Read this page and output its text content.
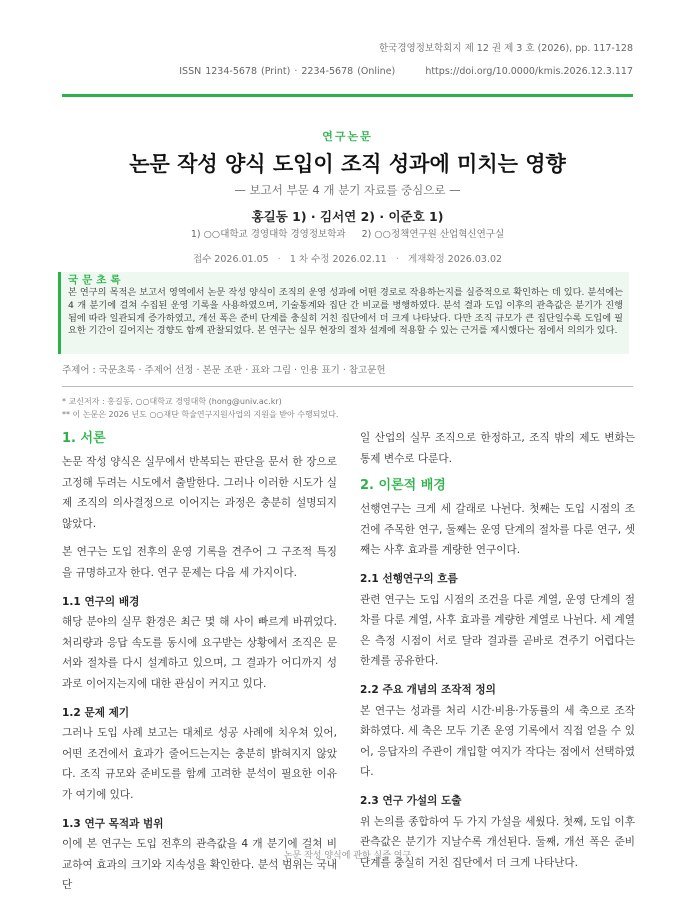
한국경영정보학회지 제 12 권 제 3 호 (2026), pp. 117-128
ISSN 1234-5678 (Print) · 2234-5678 (Online)	https://doi.org/10.0000/kmis.2026.12.3.117
연구논문
논문 작성 양식 도입이 조직 성과에 미치는 영향
— 보고서 부문 4 개 분기 자료를 중심으로 —
홍길동 1) · 김서연 2) · 이준호 1)
1) ○○대학교 경영대학 경영정보학과 2) ○○정책연구원 산업혁신연구실
접수 2026.01.05 · 1 차 수정 2026.02.11 · 게재확정 2026.03.02
국문초록
본 연구의 목적은 보고서 영역에서 논문 작성 양식이 조직의 운영 성과에 어떤 경로로 작용하는지를 실증적으로 확인하는 데 있다. 분석에는 4 개 분기에 걸쳐 수집된 운영 기록을 사용하였으며, 기술통계와 집단 간 비교를 병행하였다. 분석 결과 도입 이후의 관측값은 분기가 진행됨에 따라 일관되게 증가하였고, 개선 폭은 준비 단계를 충실히 거친 집단에서 더 크게 나타났다. 다만 조직 규모가 큰 집단일수록 도입에 필요한 기간이 길어지는 경향도 함께 관찰되었다. 본 연구는 실무 현장의 절차 설계에 적용할 수 있는 근거를 제시했다는 점에서 의의가 있다.
주제어 : 국문초록 · 주제어 선정 · 본문 조판 · 표와 그림 · 인용 표기 · 참고문헌
* 교신저자 : 홍길동, ○○대학교 경영대학 (hong@univ.ac.kr)
** 이 논문은 2026 년도 ○○재단 학술연구지원사업의 지원을 받아 수행되었다.
1. 서론

논문 작성 양식은 실무에서 반복되는 판단을 문서 한 장으로 고정해 두려는 시도에서 출발한다. 그러나 이러한 시도가 실제 조직의 의사결정으로 이어지는 과정은 충분히 설명되지 않았다.

본 연구는 도입 전후의 운영 기록을 견주어 그 구조적 특징을 규명하고자 한다. 연구 문제는 다음 세 가지이다.

1.1 연구의 배경

해당 분야의 실무 환경은 최근 몇 해 사이 빠르게 바뀌었다. 처리량과 응답 속도를 동시에 요구받는 상황에서 조직은 문서와 절차를 다시 설계하고 있으며, 그 결과가 어디까지 성과로 이어지는지에 대한 관심이 커지고 있다.

1.2 문제 제기

그러나 도입 사례 보고는 대체로 성공 사례에 치우쳐 있어, 어떤 조건에서 효과가 줄어드는지는 충분히 밝혀지지 않았다. 조직 규모와 준비도를 함께 고려한 분석이 필요한 이유가 여기에 있다.

1.3 연구 목적과 범위

이에 본 연구는 도입 전후의 관측값을 4 개 분기에 걸쳐 비교하여 효과의 크기와 지속성을 확인한다. 분석 범위는 국내 단

일 산업의 실무 조직으로 한정하고, 조직 밖의 제도 변화는 통제 변수로 다룬다.

2. 이론적 배경

선행연구는 크게 세 갈래로 나뉜다. 첫째는 도입 시점의 조건에 주목한 연구, 둘째는 운영 단계의 절차를 다룬 연구, 셋째는 사후 효과를 계량한 연구이다.

2.1 선행연구의 흐름

관련 연구는 도입 시점의 조건을 다룬 계열, 운영 단계의 절차를 다룬 계열, 사후 효과를 계량한 계열로 나뉜다. 세 계열은 측정 시점이 서로 달라 결과를 곧바로 견주기 어렵다는 한계를 공유한다.

2.2 주요 개념의 조작적 정의

본 연구는 성과를 처리 시간·비용·가동률의 세 축으로 조작화하였다. 세 축은 모두 기존 운영 기록에서 직접 얻을 수 있어, 응답자의 주관이 개입할 여지가 작다는 점에서 선택하였다.

2.3 연구 가설의 도출

위 논의를 종합하여 두 가지 가설을 세웠다. 첫째, 도입 이후 관측값은 분기가 지날수록 개선된다. 둘째, 개선 폭은 준비 단계를 충실히 거친 집단에서 더 크게 나타난다.

논문 작성 양식에 관한 실증 연구
